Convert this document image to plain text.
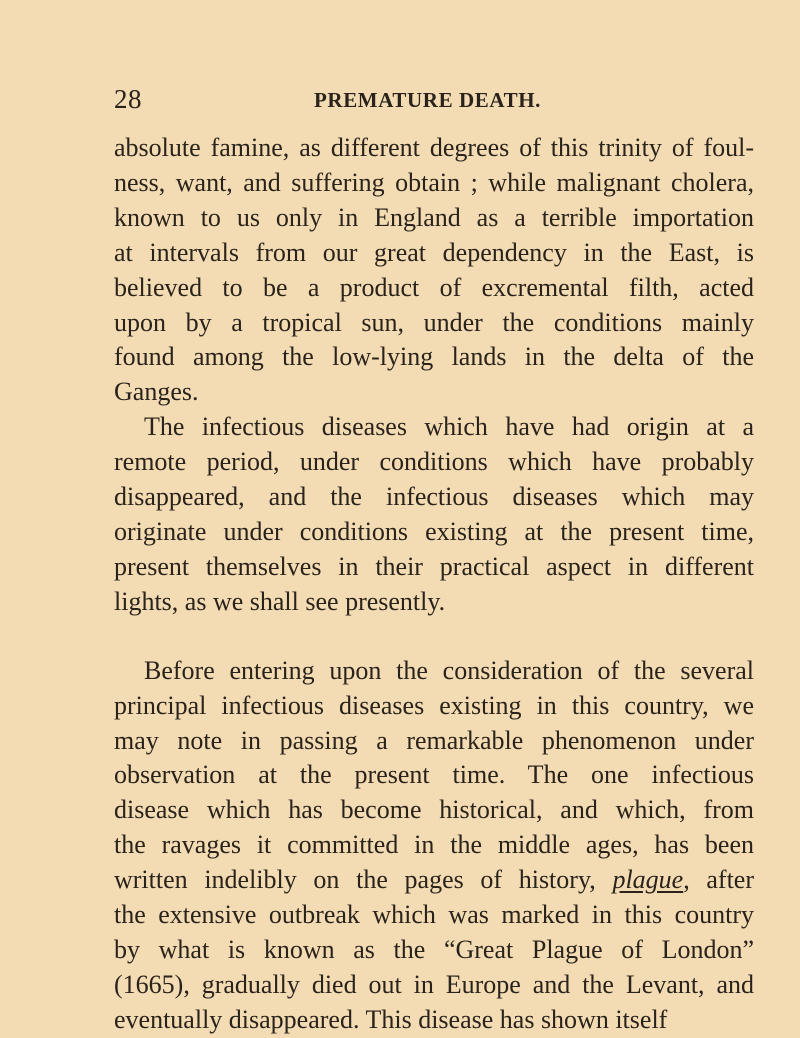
28	PREMATURE DEATH.
absolute famine, as different degrees of this trinity of foul-
ness, want, and suffering obtain ; while malignant cholera,
known to us only in England as a terrible importation
at intervals from our great dependency in the East, is
believed to be a product of excremental filth, acted
upon by a tropical sun, under the conditions mainly
found among the low-lying lands in the delta of the
Ganges.
The infectious diseases which have had origin at a
remote period, under conditions which have probably
disappeared, and the infectious diseases which may
originate under conditions existing at the present time,
present themselves in their practical aspect in different
lights, as we shall see presently.
Before entering upon the consideration of the several
principal infectious diseases existing in this country, we
may note in passing a remarkable phenomenon under
observation at the present time. The one infectious
disease which has become historical, and which, from
the ravages it committed in the middle ages, has been
written indelibly on the pages of history, plague, after
the extensive outbreak which was marked in this country
by what is known as the “Great Plague of London”
(1665), gradually died out in Europe and the Levant, and
eventually disappeared. This disease has shown itself
